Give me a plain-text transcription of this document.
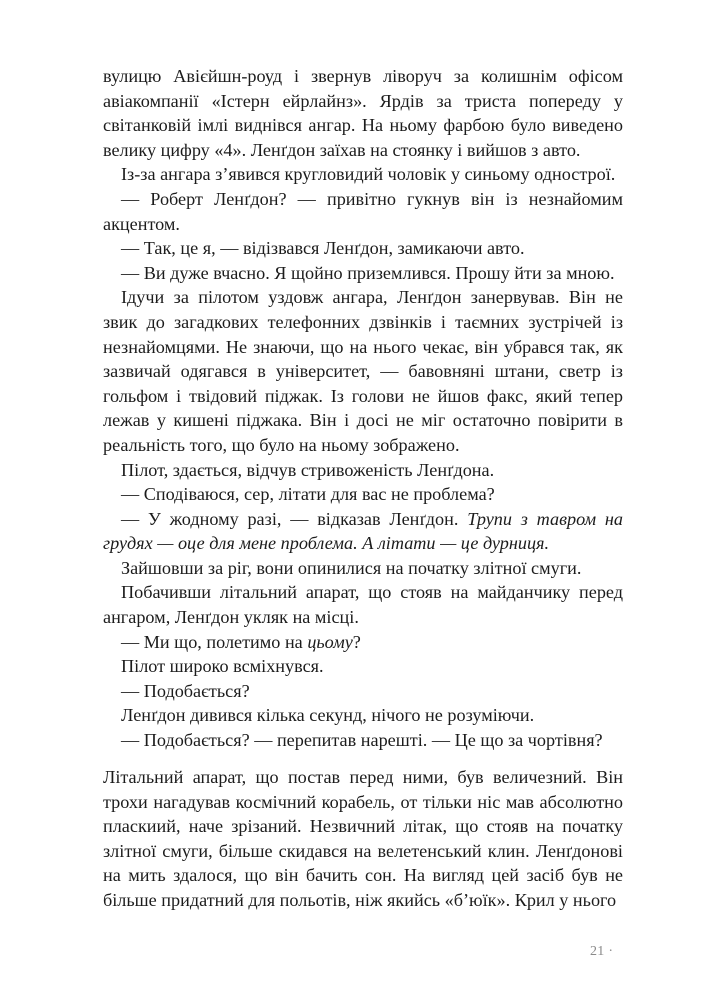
вулицю Авієйшн-роуд і звернув ліворуч за колишнім офісом авіакомпанії «Істерн ейрлайнз». Ярдів за триста попереду у світанковій імлі виднівся ангар. На ньому фарбою було виведено велику цифру «4». Ленґдон заїхав на стоянку і вийшов з авто.

Із-за ангара з’явився круглoвидий чоловік у синьому однострої.

— Роберт Ленґдон? — привітно гукнув він із незнайомим акцентом.

— Так, це я, — відізвався Ленґдон, замикаючи авто.

— Ви дуже вчасно. Я щойно приземлився. Прошу йти за мною.

Ідучи за пілотом уздовж ангара, Ленґдон занервував. Він не звик до загадкових телефонних дзвінків і таємних зустрічей із незнайомцями. Не знаючи, що на нього чекає, він убрався так, як зазвичай одягався в університет, — бавовняні штани, светр із гольфом і твідовий піджак. Із голови не йшов факс, який тепер лежав у кишені піджака. Він і досі не міг остаточно повірити в реальність того, що було на ньому зображено.

Пілот, здається, відчув стривоженість Ленґдона.

— Сподіваюся, сер, літати для вас не проблема?

— У жодному разі, — відказав Ленґдон. Трупи з тавром на грудях — оце для мене проблема. А літати — це дурниця.

Зайшовши за ріг, вони опинилися на початку злітної смуги.

Побачивши літальний апарат, що стояв на майданчику перед ангаром, Ленґдон укляк на місці.

— Ми що, полетимо на цьому?

Пілот широко всміхнувся.

— Подобається?

Ленґдон дивився кілька секунд, нічого не розуміючи.

— Подобається? — перепитав нарешті. — Це що за чортівня?

Літальний апарат, що постав перед ними, був величезний. Він трохи нагадував космічний корабель, от тільки ніс мав абсолютно пласкиий, наче зрізаний. Незвичний літак, що стояв на початку злітної смуги, більше скидався на велетенський клин. Ленґдонові на мить здалося, що він бачить сон. На вигляд цей засіб був не більше придатний для польотів, ніж якийсь «б’юїк». Крил у нього

21 ·
